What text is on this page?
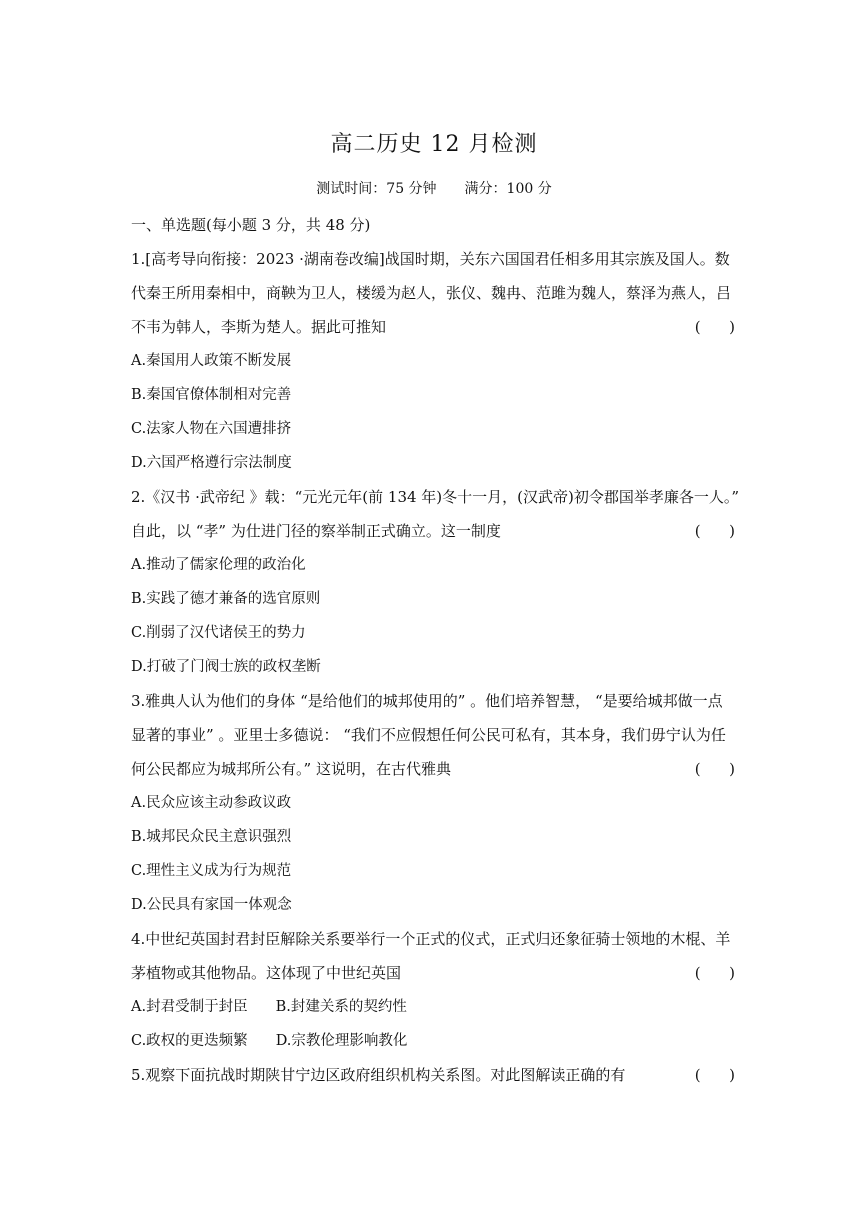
高二历史 12 月检测
测试时间：75 分钟 满分：100 分
一、单选题(每小题 3 分，共 48 分)
1.[高考导向衔接：2023 ·湖南卷改编]战国时期，关东六国国君任相多用其宗族及国人。数
代秦王所用秦相中，商鞅为卫人，楼缓为赵人，张仪、魏冉、范雎为魏人，蔡泽为燕人，吕
不韦为韩人，李斯为楚人。据此可推知	(      )
A.秦国用人政策不断发展
B.秦国官僚体制相对完善
C.法家人物在六国遭排挤
D.六国严格遵行宗法制度
2.《汉书 ·武帝纪 》载：“元光元年(前 134 年)冬十一月，(汉武帝)初令郡国举孝廉各一人。”
自此，以 “孝” 为仕进门径的察举制正式确立。这一制度	(      )
A.推动了儒家伦理的政治化
B.实践了德才兼备的选官原则
C.削弱了汉代诸侯王的势力
D.打破了门阀士族的政权垄断
3.雅典人认为他们的身体 “是给他们的城邦使用的” 。他们培养智慧， “是要给城邦做一点
显著的事业” 。亚里士多德说： “我们不应假想任何公民可私有，其本身，我们毋宁认为任
何公民都应为城邦所公有。” 这说明，在古代雅典	(      )
A.民众应该主动参政议政
B.城邦民众民主意识强烈
C.理性主义成为行为规范
D.公民具有家国一体观念
4.中世纪英国封君封臣解除关系要举行一个正式的仪式，正式归还象征骑士领地的木棍、羊
茅植物或其他物品。这体现了中世纪英国	(      )
A.封君受制于封臣 B.封建关系的契约性
C.政权的更迭频繁 D.宗教伦理影响教化
5.观察下面抗战时期陕甘宁边区政府组织机构关系图。对此图解读正确的有	(      )
